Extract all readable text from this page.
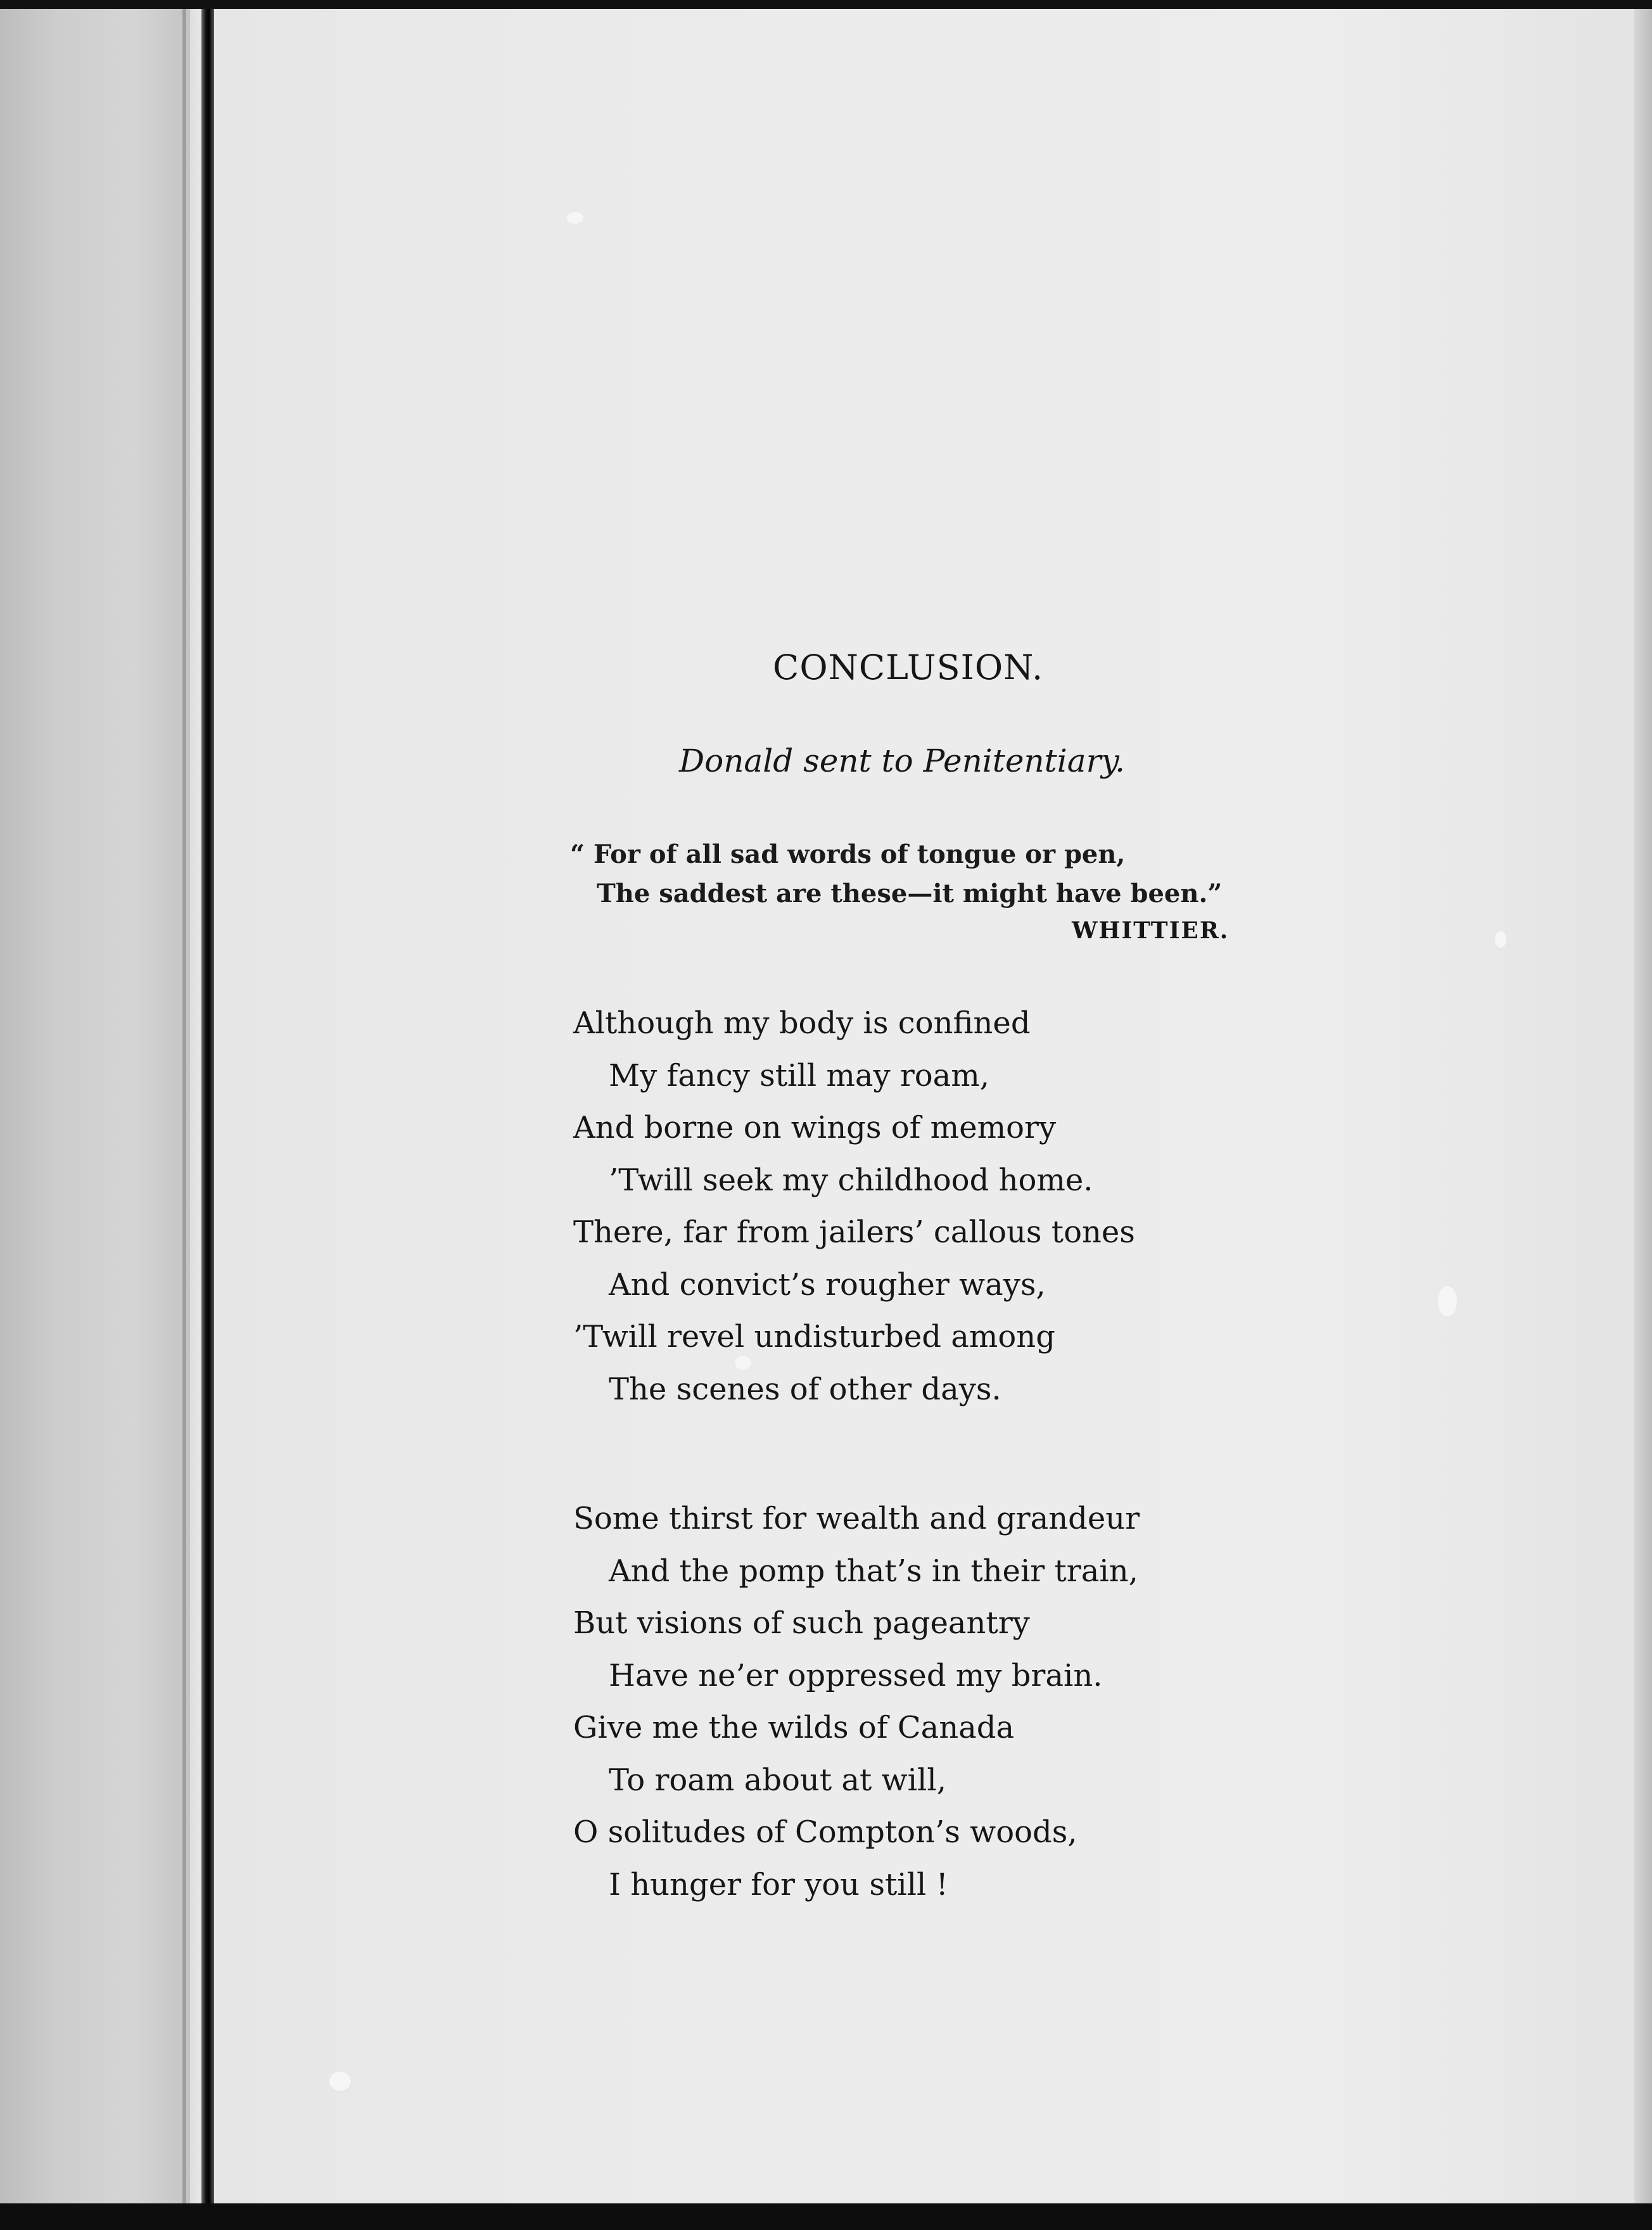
CONCLUSION.
Donald sent to Penitentiary.
“ For of all sad words of tongue or pen,
The saddest are these—it might have been.”
WHITTIER.
Although my body is confined
My fancy still may roam,
And borne on wings of memory
’Twill seek my childhood home.
There, far from jailers’ callous tones
And convict’s rougher ways,
’Twill revel undisturbed among
The scenes of other days.
Some thirst for wealth and grandeur
And the pomp that’s in their train,
But visions of such pageantry
Have ne’er oppressed my brain.
Give me the wilds of Canada
To roam about at will,
O solitudes of Compton’s woods,
I hunger for you still !
